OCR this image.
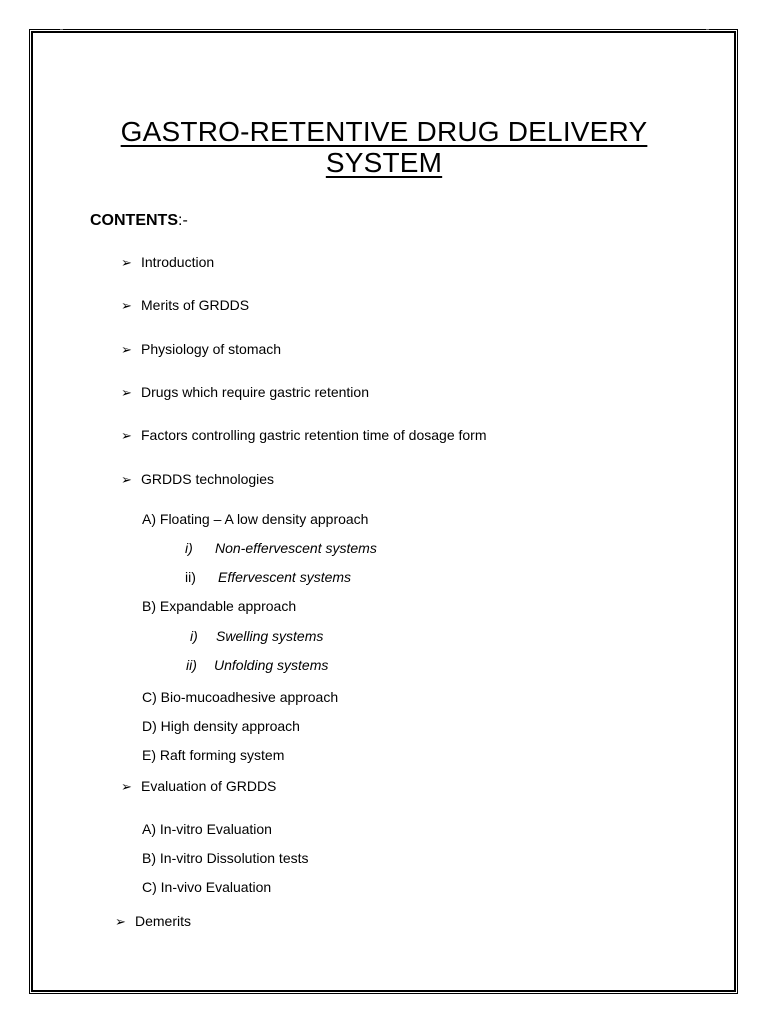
GASTRO-RETENTIVE DRUG DELIVERY
SYSTEM
CONTENTS:-
➢ Introduction
➢ Merits of GRDDS
➢ Physiology of stomach
➢ Drugs which require gastric retention
➢ Factors controlling gastric retention time of dosage form
➢ GRDDS technologies
A) Floating – A low density approach
i) Non-effervescent systems
ii) Effervescent systems
B) Expandable approach
i) Swelling systems
ii) Unfolding systems
C) Bio-mucoadhesive approach
D) High density approach
E) Raft forming system
➢ Evaluation of GRDDS
A) In-vitro Evaluation
B) In-vitro Dissolution tests
C) In-vivo Evaluation
➢ Demerits
